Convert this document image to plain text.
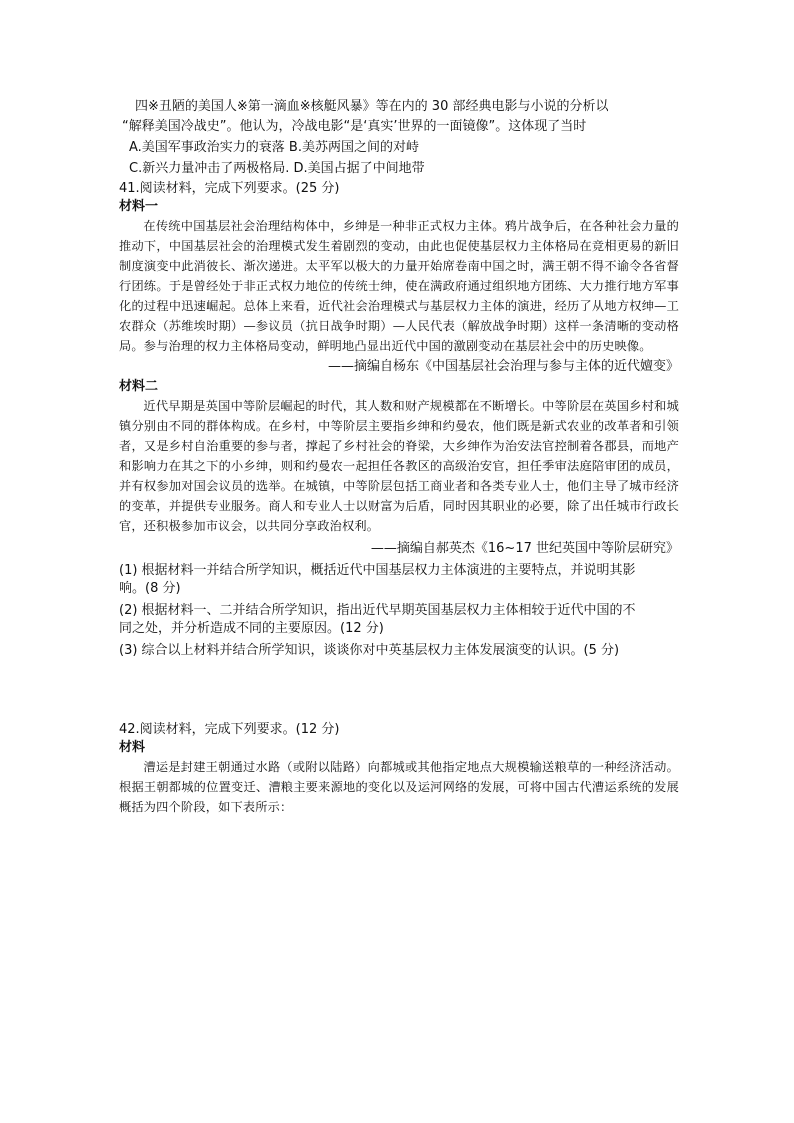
四※丑陋的美国人※第一滴血※核艇风暴》等在内的 30 部经典电影与小说的分析以
“解释美国冷战史”。他认为，冷战电影“是‘真实’世界的一面镜像”。这体现了当时
A.美国军事政治实力的衰落 B.美苏两国之间的对峙
C.新兴力量冲击了两极格局. D.美国占据了中间地带
41.阅读材料，完成下列要求。(25 分)
材料一

在传统中国基层社会治理结构体中，乡绅是一种非正式权力主体。鸦片战争后，在各种社会力量的推动下，中国基层社会的治理模式发生着剧烈的变动，由此也促使基层权力主体格局在竞相更易的新旧制度演变中此消彼长、渐次递进。太平军以极大的力量开始席卷南中国之时，满王朝不得不谕令各省督行团练。于是曾经处于非正式权力地位的传统士绅，使在满政府通过组织地方团练、大力推行地方军事化的过程中迅速崛起。总体上来看，近代社会治理模式与基层权力主体的演进，经历了从地方权绅—工农群众（苏维埃时期）—参议员（抗日战争时期）—人民代表（解放战争时期）这样一条清晰的变动格局。参与治理的权力主体格局变动，鲜明地凸显出近代中国的激剧变动在基层社会中的历史映像。

——摘编自杨东《中国基层社会治理与参与主体的近代嬗变》
材料二

近代早期是英国中等阶层崛起的时代，其人数和财产规模都在不断增长。中等阶层在英国乡村和城镇分别由不同的群体构成。在乡村，中等阶层主要指乡绅和约曼农，他们既是新式农业的改革者和引领者，又是乡村自治重要的参与者，撑起了乡村社会的脊梁，大乡绅作为治安法官控制着各郡县，而地产和影响力在其之下的小乡绅，则和约曼农一起担任各教区的高级治安官，担任季审法庭陪审团的成员，并有权参加对国会议员的选举。在城镇，中等阶层包括工商业者和各类专业人士，他们主导了城市经济的变革，并提供专业服务。商人和专业人士以财富为后盾，同时因其职业的必要，除了出任城市行政长官，还积极参加市议会，以共同分享政治权利。

——摘编自郝英杰《16~17 世纪英国中等阶层研究》
(1) 根据材料一并结合所学知识，概括近代中国基层权力主体演进的主要特点，并说明其影
响。(8 分)
(2) 根据材料一、二并结合所学知识，指出近代早期英国基层权力主体相较于近代中国的不
同之处，并分析造成不同的主要原因。(12 分)
(3) 综合以上材料并结合所学知识，谈谈你对中英基层权力主体发展演变的认识。(5 分)
42.阅读材料，完成下列要求。(12 分)
材料

漕运是封建王朝通过水路（或附以陆路）向都城或其他指定地点大规模输送粮草的一种经济活动。根据王朝都城的位置变迁、漕粮主要来源地的变化以及运河网络的发展，可将中国古代漕运系统的发展概括为四个阶段，如下表所示：
